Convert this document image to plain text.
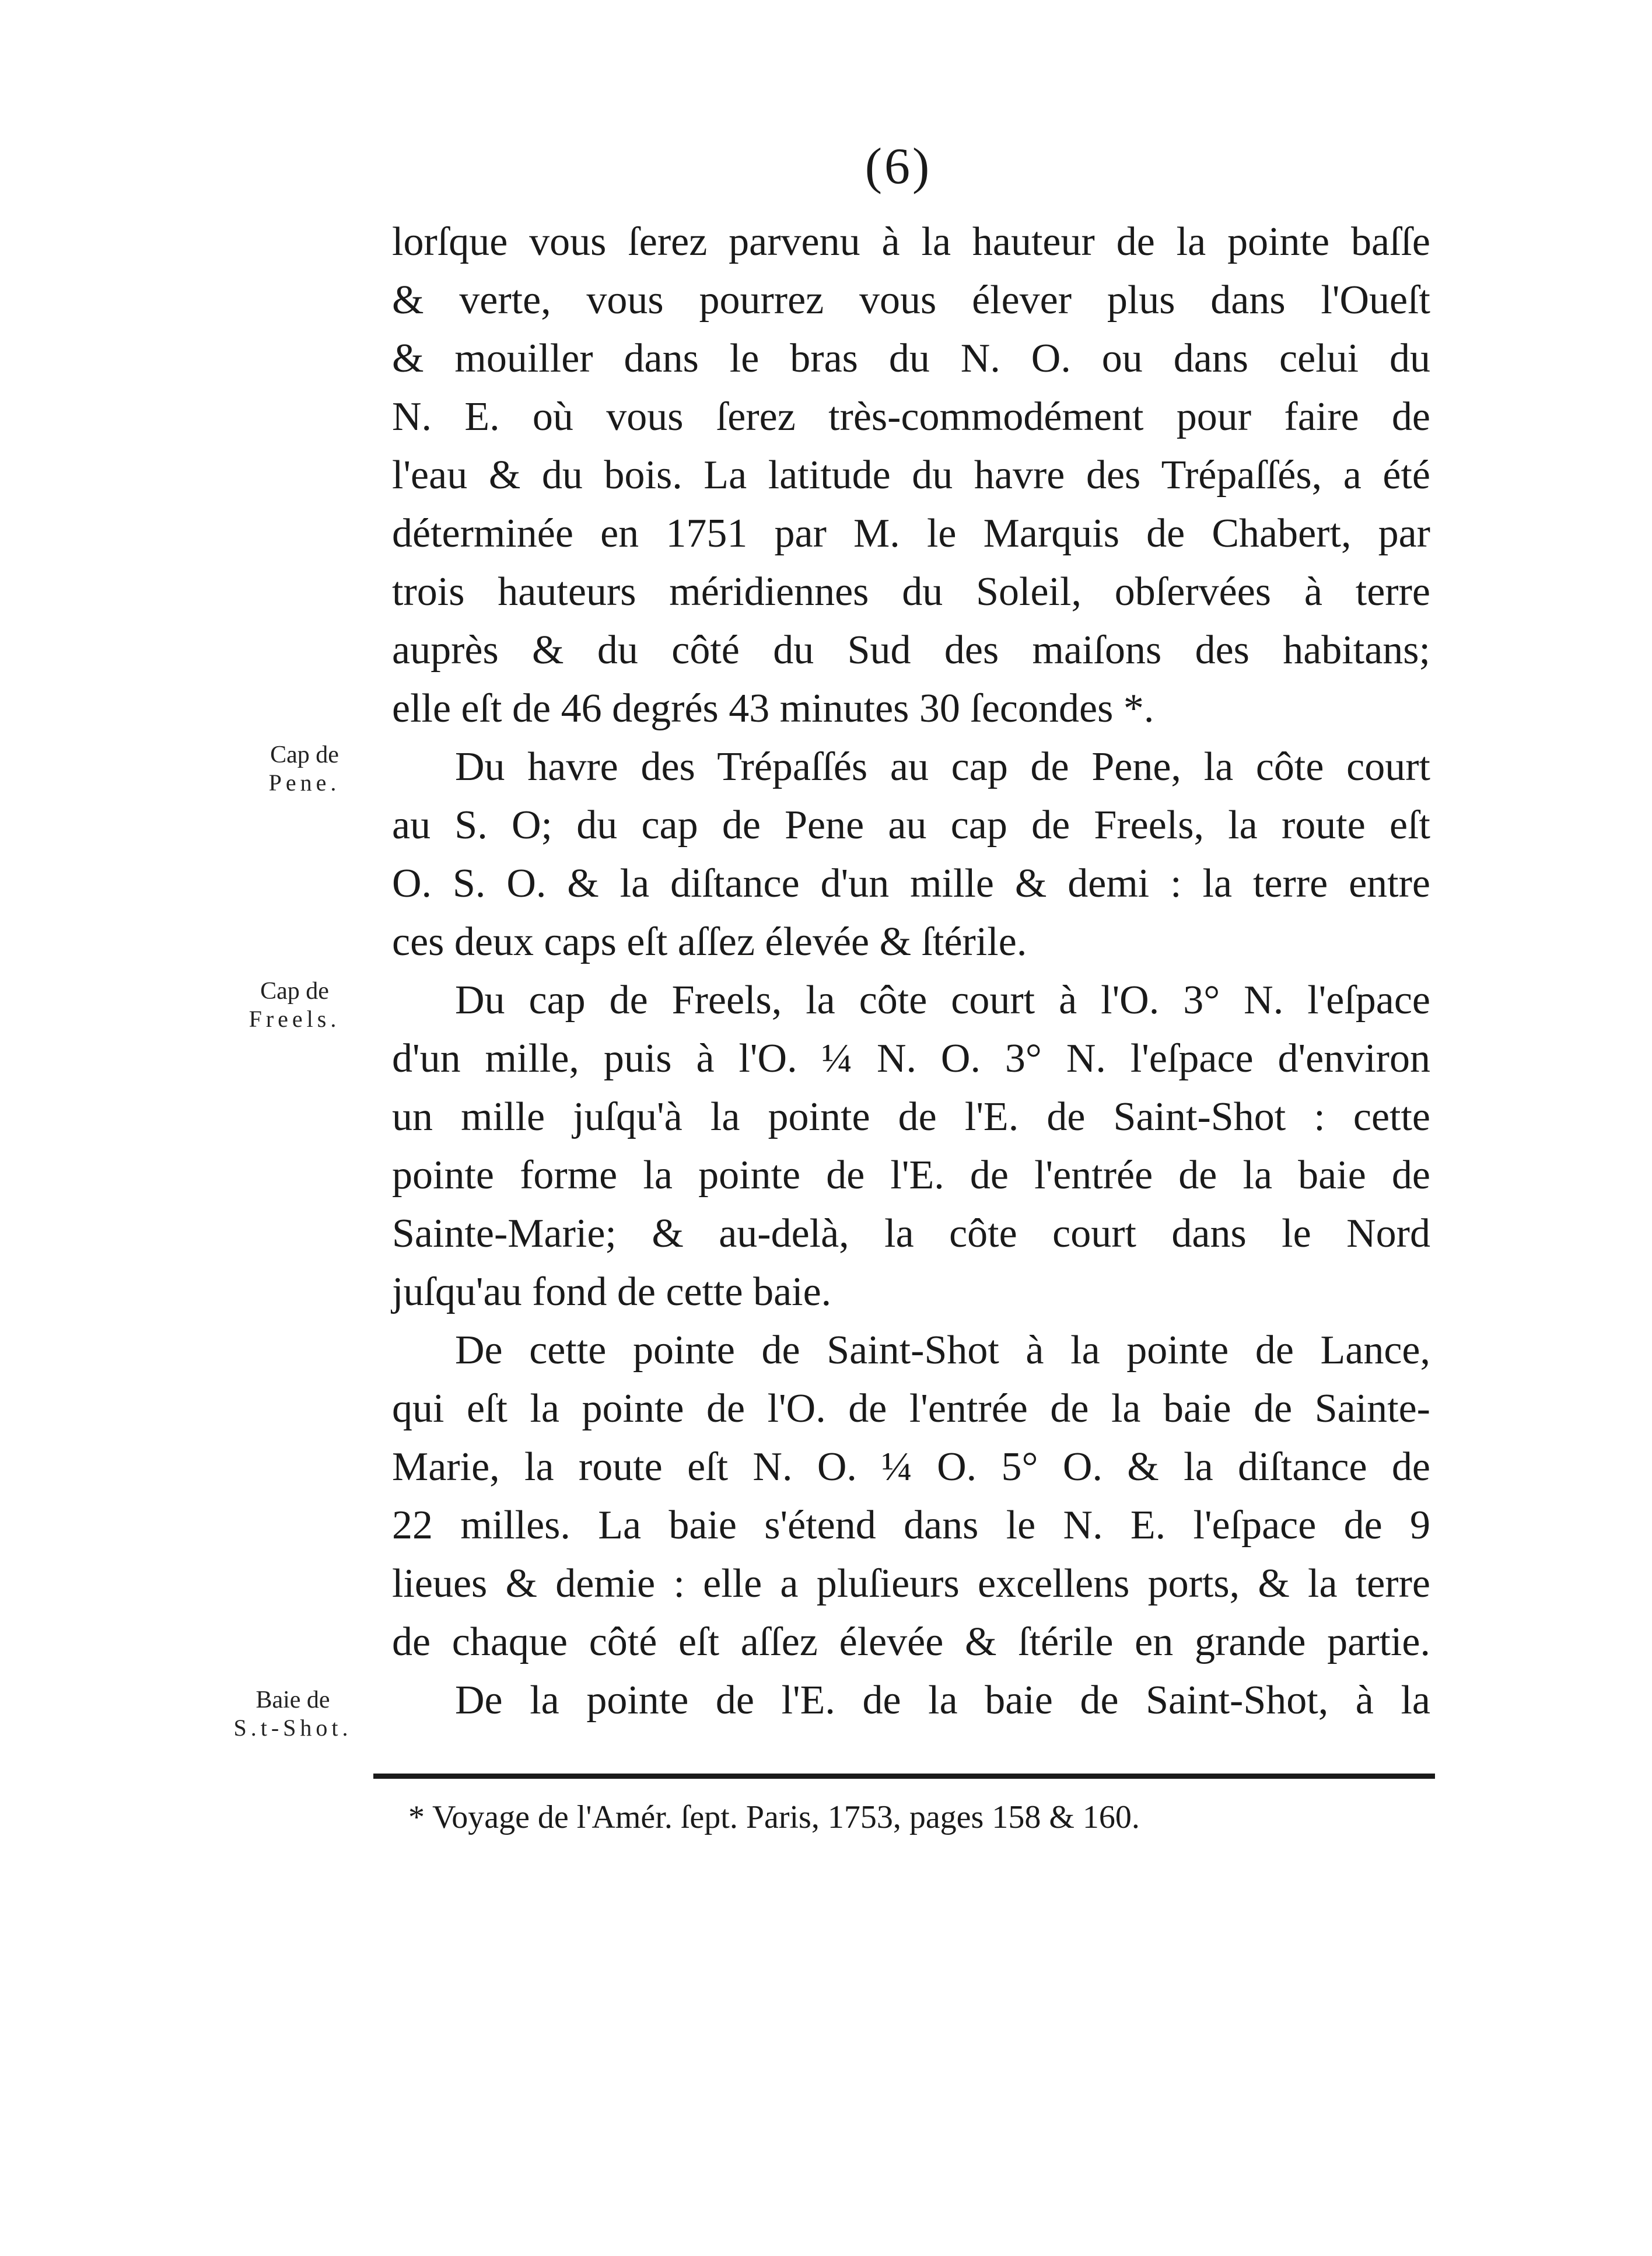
(6)
lorſque vous ſerez parvenu à la hauteur de la pointe baſſe
& verte, vous pourrez vous élever plus dans l'Oueſt
& mouiller dans le bras du N. O. ou dans celui du
N. E. où vous ſerez très-commodément pour faire de
l'eau & du bois. La latitude du havre des Trépaſſés, a été
déterminée en 1751 par M. le Marquis de Chabert, par
trois hauteurs méridiennes du Soleil, obſervées à terre
auprès & du côté du Sud des maiſons des habitans;
elle eſt de 46 degrés 43 minutes 30 ſecondes *.
Du havre des Trépaſſés au cap de Pene, la côte court
au S. O; du cap de Pene au cap de Freels, la route eſt
O. S. O. & la diſtance d'un mille & demi : la terre entre
ces deux caps eſt aſſez élevée & ſtérile.
Du cap de Freels, la côte court à l'O. 3° N. l'eſpace
d'un mille, puis à l'O. ¼ N. O. 3° N. l'eſpace d'environ
un mille juſqu'à la pointe de l'E. de Saint-Shot : cette
pointe forme la pointe de l'E. de l'entrée de la baie de
Sainte-Marie; & au-delà, la côte court dans le Nord
juſqu'au fond de cette baie.
De cette pointe de Saint-Shot à la pointe de Lance,
qui eſt la pointe de l'O. de l'entrée de la baie de Sainte-
Marie, la route eſt N. O. ¼ O. 5° O. & la diſtance de
22 milles. La baie s'étend dans le N. E. l'eſpace de 9
lieues & demie : elle a pluſieurs excellens ports, & la terre
de chaque côté eſt aſſez élevée & ſtérile en grande partie.
De la pointe de l'E. de la baie de Saint-Shot, à la
Cap de
Pene.
Cap de
Freels.
Baie de
S.t-Shot.
* Voyage de l'Amér. ſept. Paris, 1753, pages 158 & 160.
